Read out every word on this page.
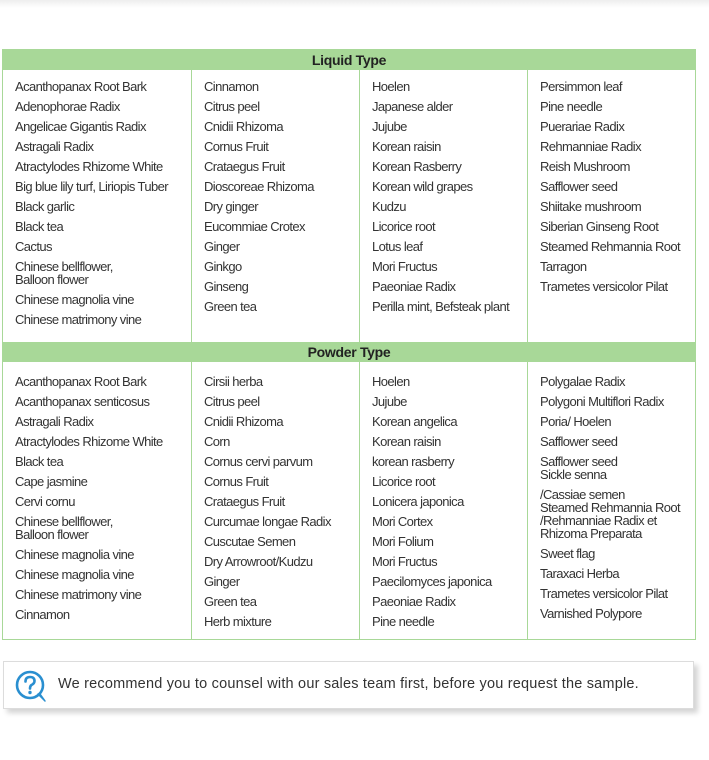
Liquid Type
Acanthopanax Root Bark
Adenophorae Radix
Angelicae Gigantis Radix
Astragali Radix
Atractylodes Rhizome White
Big blue lily turf, Liriopis Tuber
Black garlic
Black tea
Cactus
Chinese bellflower,
Balloon flower
Chinese magnolia vine
Chinese matrimony vine
Cinnamon
Citrus peel
Cnidii Rhizoma
Cornus Fruit
Crataegus Fruit
Dioscoreae Rhizoma
Dry ginger
Eucommiae Crotex
Ginger
Ginkgo
Ginseng
Green tea
Hoelen
Japanese alder
Jujube
Korean raisin
Korean Rasberry
Korean wild grapes
Kudzu
Licorice root
Lotus leaf
Mori Fructus
Paeoniae Radix
Perilla mint, Befsteak plant
Persimmon leaf
Pine needle
Puerariae Radix
Rehmanniae Radix
Reish Mushroom
Safflower seed
Shiitake mushroom
Siberian Ginseng Root
Steamed Rehmannia Root
Tarragon
Trametes versicolor Pilat
Powder Type
Acanthopanax Root Bark
Acanthopanax senticosus
Astragali Radix
Atractylodes Rhizome White
Black tea
Cape jasmine
Cervi cornu
Chinese bellflower,
Balloon flower
Chinese magnolia vine
Chinese magnolia vine
Chinese matrimony vine
Cinnamon
Cirsii herba
Citrus peel
Cnidii Rhizoma
Corn
Cornus cervi parvum
Cornus Fruit
Crataegus Fruit
Curcumae longae Radix
Cuscutae Semen
Dry Arrowroot/Kudzu
Ginger
Green tea
Herb mixture
Hoelen
Jujube
Korean angelica
Korean raisin
korean rasberry
Licorice root
Lonicera japonica
Mori Cortex
Mori Folium
Mori Fructus
Paecilomyces japonica
Paeoniae Radix
Pine needle
Polygalae Radix
Polygoni Multiflori Radix
Poria/ Hoelen
Safflower seed
Safflower seed
Sickle senna
/Cassiae semen
Steamed Rehmannia Root
/Rehmanniae Radix et
Rhizoma Preparata
Sweet flag
Taraxaci Herba
Trametes versicolor Pilat
Varnished Polypore
We recommend you to counsel with our sales team first, before you request the sample.
